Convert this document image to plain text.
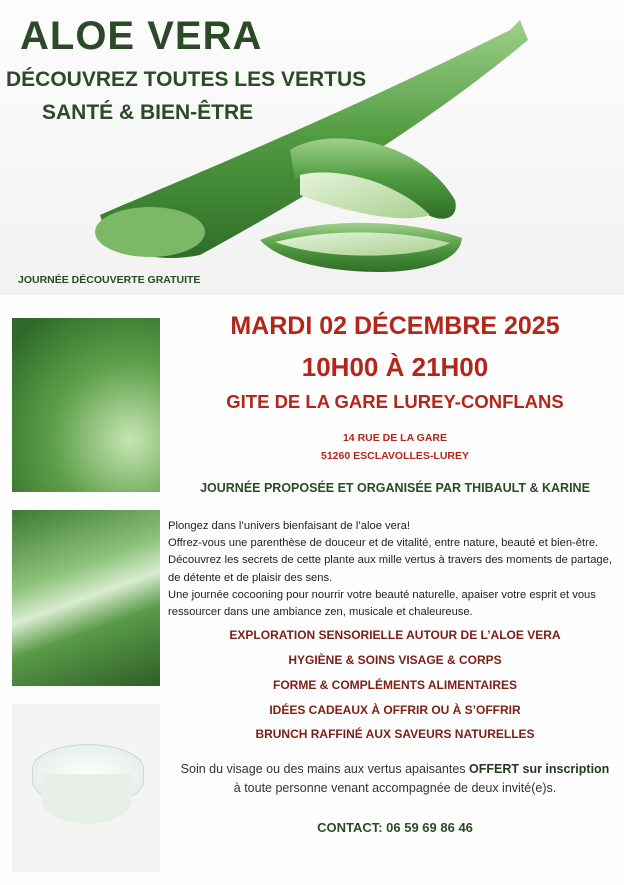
ALOE VERA
DÉCOUVREZ TOUTES LES VERTUS
SANTÉ & BIEN-ÊTRE
JOURNÉE DÉCOUVERTE GRATUITE
MARDI 02 DÉCEMBRE 2025
10H00 À 21H00
GITE DE LA GARE LUREY-CONFLANS
14 RUE DE LA GARE
51260 ESCLAVOLLES-LUREY
JOURNÉE PROPOSÉE ET ORGANISÉE PAR THIBAULT & KARINE
Plongez dans l’univers bienfaisant de l’aloe vera!
Offrez-vous une parenthèse de douceur et de vitalité, entre nature, beauté et bien-être.
Découvrez les secrets de cette plante aux mille vertus à travers des moments de partage,
de détente et de plaisir des sens.
Une journée cocooning pour nourrir votre beauté naturelle, apaiser votre esprit et vous
ressourcer dans une ambiance zen, musicale et chaleureuse.
EXPLORATION SENSORIELLE AUTOUR DE L’ALOE VERA
HYGIÈNE & SOINS VISAGE & CORPS
FORME & COMPLÉMENTS ALIMENTAIRES
IDÉES CADEAUX À OFFRIR OU À S’OFFRIR
BRUNCH RAFFINÉ AUX SAVEURS NATURELLES
Soin du visage ou des mains aux vertus apaisantes OFFERT sur inscription
à toute personne venant accompagnée de deux invité(e)s.
CONTACT: 06 59 69 86 46
